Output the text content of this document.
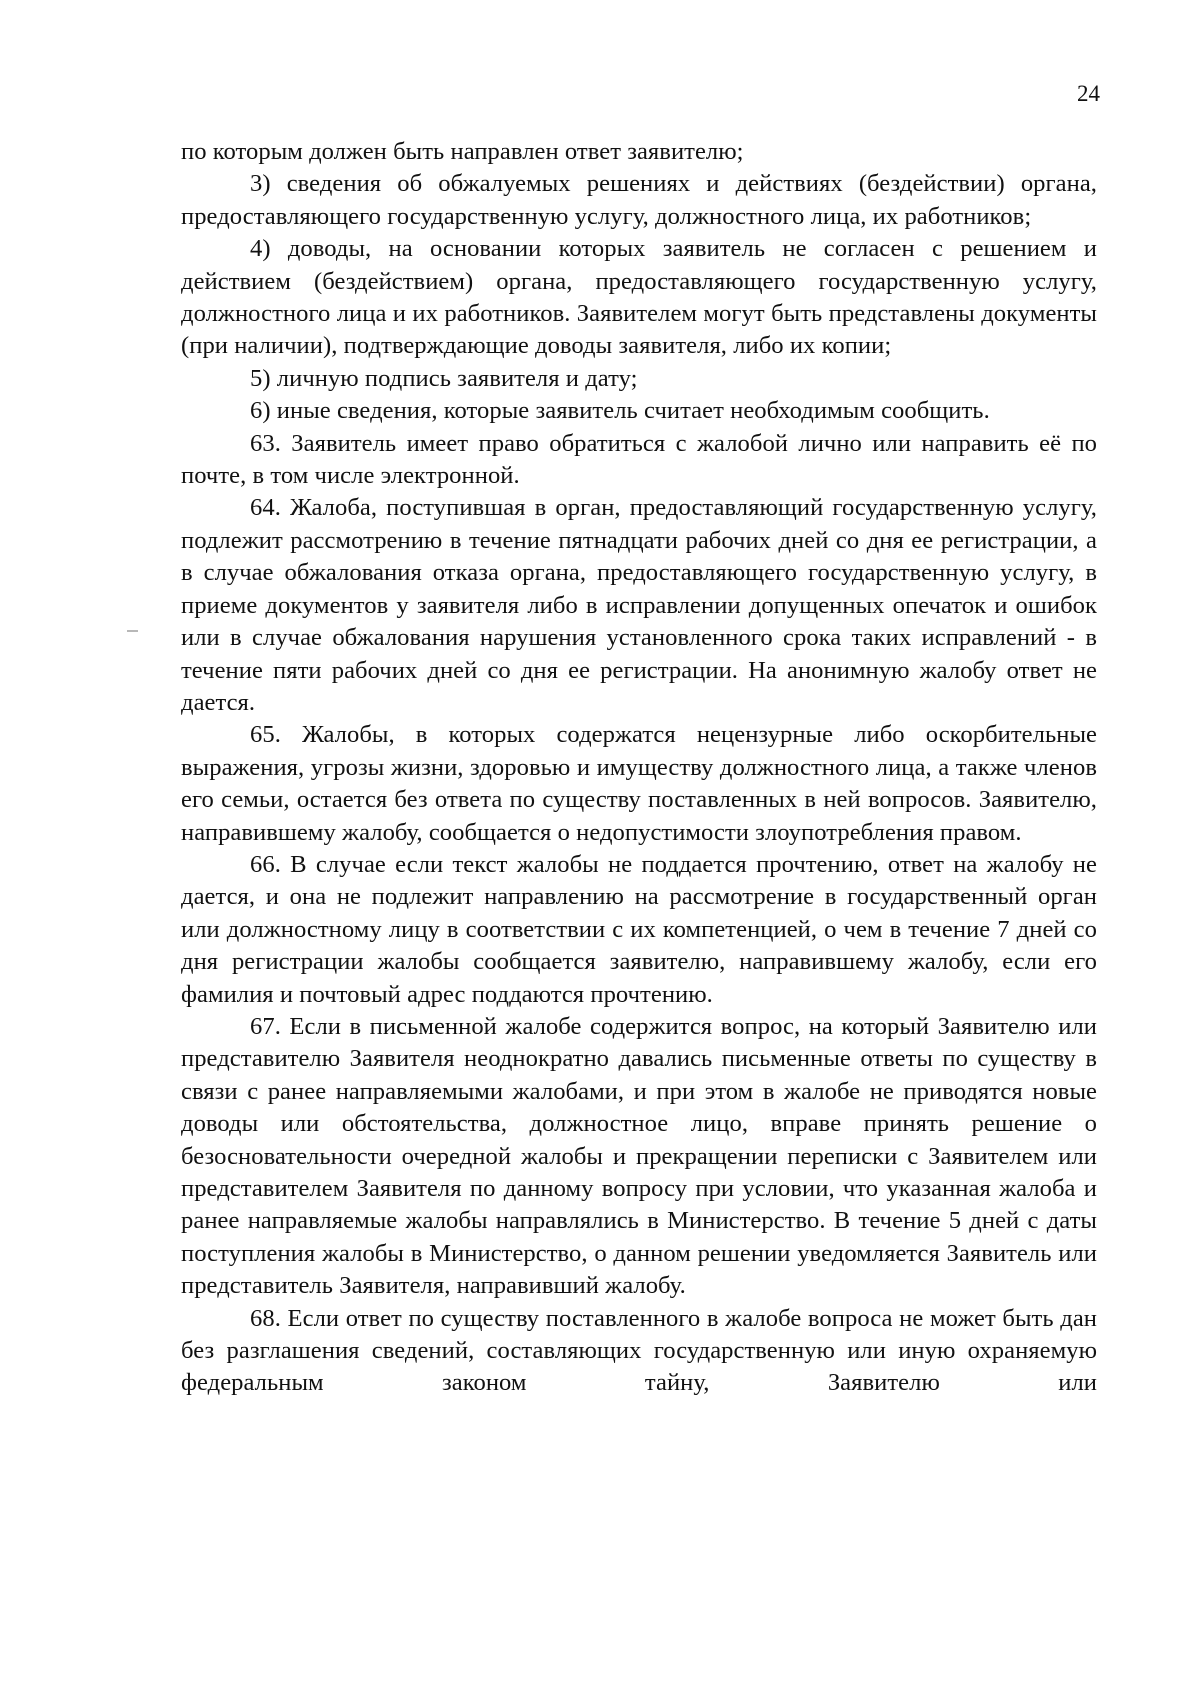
24

по которым должен быть направлен ответ заявителю;

3) сведения об обжалуемых решениях и действиях (бездействии) органа, предоставляющего государственную услугу, должностного лица, их работников;

4) доводы, на основании которых заявитель не согласен с решением и действием (бездействием) органа, предоставляющего государственную услугу, должностного лица и их работников. Заявителем могут быть представлены документы (при наличии), подтверждающие доводы заявителя, либо их копии;

5) личную подпись заявителя и дату;

6) иные сведения, которые заявитель считает необходимым сообщить.

63. Заявитель имеет право обратиться с жалобой лично или направить её по почте, в том числе электронной.

64. Жалоба, поступившая в орган, предоставляющий государственную услугу, подлежит рассмотрению в течение пятнадцати рабочих дней со дня ее регистрации, а в случае обжалования отказа органа, предоставляющего государственную услугу, в приеме документов у заявителя либо в исправлении допущенных опечаток и ошибок или в случае обжалования нарушения установленного срока таких исправлений - в течение пяти рабочих дней со дня ее регистрации. На анонимную жалобу ответ не дается.

65. Жалобы, в которых содержатся нецензурные либо оскорбительные выражения, угрозы жизни, здоровью и имуществу должностного лица, а также членов его семьи, остается без ответа по существу поставленных в ней вопросов. Заявителю, направившему жалобу, сообщается о недопустимости злоупотребления правом.

66. В случае если текст жалобы не поддается прочтению, ответ на жалобу не дается, и она не подлежит направлению на рассмотрение в государственный орган или должностному лицу в соответствии с их компетенцией, о чем в течение 7 дней со дня регистрации жалобы сообщается заявителю, направившему жалобу, если его фамилия и почтовый адрес поддаются прочтению.

67. Если в письменной жалобе содержится вопрос, на который Заявителю или представителю Заявителя неоднократно давались письменные ответы по существу в связи с ранее направляемыми жалобами, и при этом в жалобе не приводятся новые доводы или обстоятельства, должностное лицо, вправе принять решение о безосновательности очередной жалобы и прекращении переписки с Заявителем или представителем Заявителя по данному вопросу при условии, что указанная жалоба и ранее направляемые жалобы направлялись в Министерство. В течение 5 дней с даты поступления жалобы в Министерство, о данном решении уведомляется Заявитель или представитель Заявителя, направивший жалобу.

68. Если ответ по существу поставленного в жалобе вопроса не может быть дан без разглашения сведений, составляющих государственную или иную охраняемую федеральным законом тайну, Заявителю или
